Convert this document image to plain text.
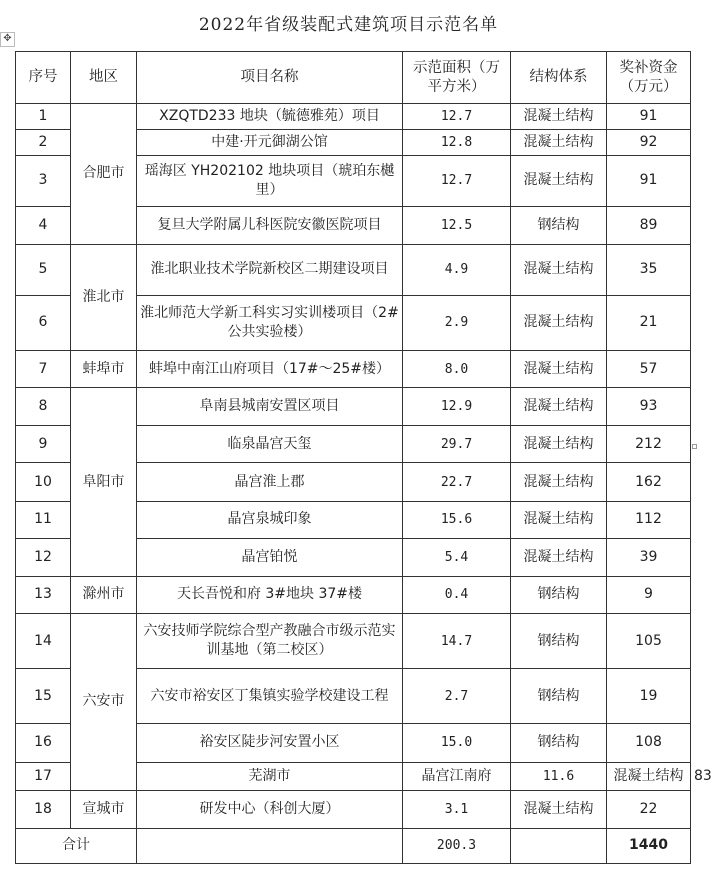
2022年省级装配式建筑项目示范名单
✥
序号	地区	项目名称	示范面积（万平方米）	结构体系	奖补资金（万元）	
1	合肥市	XZQTD233 地块（毓德雅苑）项目	12.7	混凝土结构	91	
2		中建·开元御湖公馆	12.8	混凝土结构	92	
3		瑶海区 YH202102 地块项目（琥珀东樾里）	12.7	混凝土结构	91	
4		复旦大学附属儿科医院安徽医院项目	12.5	钢结构	89	
5	淮北市	淮北职业技术学院新校区二期建设项目	4.9	混凝土结构	35	
6		淮北师范大学新工科实习实训楼项目（2#公共实验楼）	2.9	混凝土结构	21	
7	蚌埠市	蚌埠中南江山府项目（17#～25#楼）	8.0	混凝土结构	57	
8	阜阳市	阜南县城南安置区项目	12.9	混凝土结构	93	
9		临泉晶宫天玺	29.7	混凝土结构	212	
10		晶宫淮上郡	22.7	混凝土结构	162	
11		晶宫泉城印象	15.6	混凝土结构	112	
12		晶宫铂悦	5.4	混凝土结构	39	
13	滁州市	天长吾悦和府 3#地块 37#楼	0.4	钢结构	9	
14	六安市	六安技师学院综合型产教融合市级示范实训基地（第二校区）	14.7	钢结构	105	
15		六安市裕安区丁集镇实验学校建设工程	2.7	钢结构	19	
16		裕安区陡步河安置小区	15.0	钢结构	108	
17		芜湖市	晶宫江南府	11.6	混凝土结构	83
18	宣城市	研发中心（科创大厦）	3.1	混凝土结构	22	
合计			200.3		1440	
